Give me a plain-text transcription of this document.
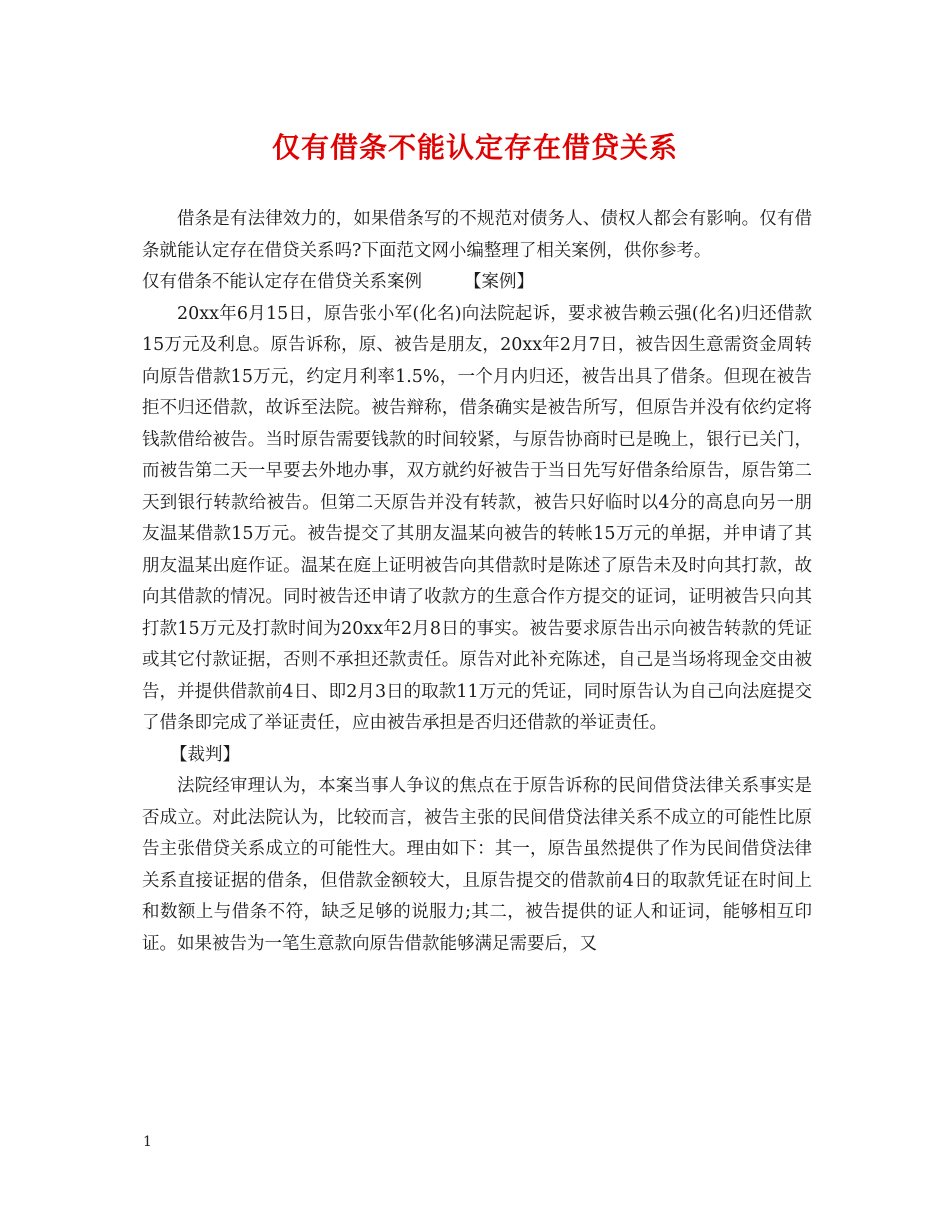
仅有借条不能认定存在借贷关系

借条是有法律效力的，如果借条写的不规范对债务人、债权人都会有影响。仅有借条就能认定存在借贷关系吗?下面范文网小编整理了相关案例，供你参考。

仅有借条不能认定存在借贷关系案例 【案例】

20xx年6月15日，原告张小军(化名)向法院起诉，要求被告赖云强(化名)归还借款15万元及利息。原告诉称，原、被告是朋友，20xx年2月7日，被告因生意需资金周转向原告借款15万元，约定月利率1.5%，一个月内归还，被告出具了借条。但现在被告拒不归还借款，故诉至法院。被告辩称，借条确实是被告所写，但原告并没有依约定将钱款借给被告。当时原告需要钱款的时间较紧，与原告协商时已是晚上，银行已关门，而被告第二天一早要去外地办事，双方就约好被告于当日先写好借条给原告，原告第二天到银行转款给被告。但第二天原告并没有转款，被告只好临时以4分的高息向另一朋友温某借款15万元。被告提交了其朋友温某向被告的转帐15万元的单据，并申请了其朋友温某出庭作证。温某在庭上证明被告向其借款时是陈述了原告未及时向其打款，故向其借款的情况。同时被告还申请了收款方的生意合作方提交的证词，证明被告只向其打款15万元及打款时间为20xx年2月8日的事实。被告要求原告出示向被告转款的凭证或其它付款证据，否则不承担还款责任。原告对此补充陈述，自己是当场将现金交由被告，并提供借款前4日、即2月3日的取款11万元的凭证，同时原告认为自己向法庭提交了借条即完成了举证责任，应由被告承担是否归还借款的举证责任。

【裁判】

法院经审理认为，本案当事人争议的焦点在于原告诉称的民间借贷法律关系事实是否成立。对此法院认为，比较而言，被告主张的民间借贷法律关系不成立的可能性比原告主张借贷关系成立的可能性大。理由如下：其一，原告虽然提供了作为民间借贷法律关系直接证据的借条，但借款金额较大，且原告提交的借款前4日的取款凭证在时间上和数额上与借条不符，缺乏足够的说服力;其二，被告提供的证人和证词，能够相互印证。如果被告为一笔生意款向原告借款能够满足需要后，又

1
